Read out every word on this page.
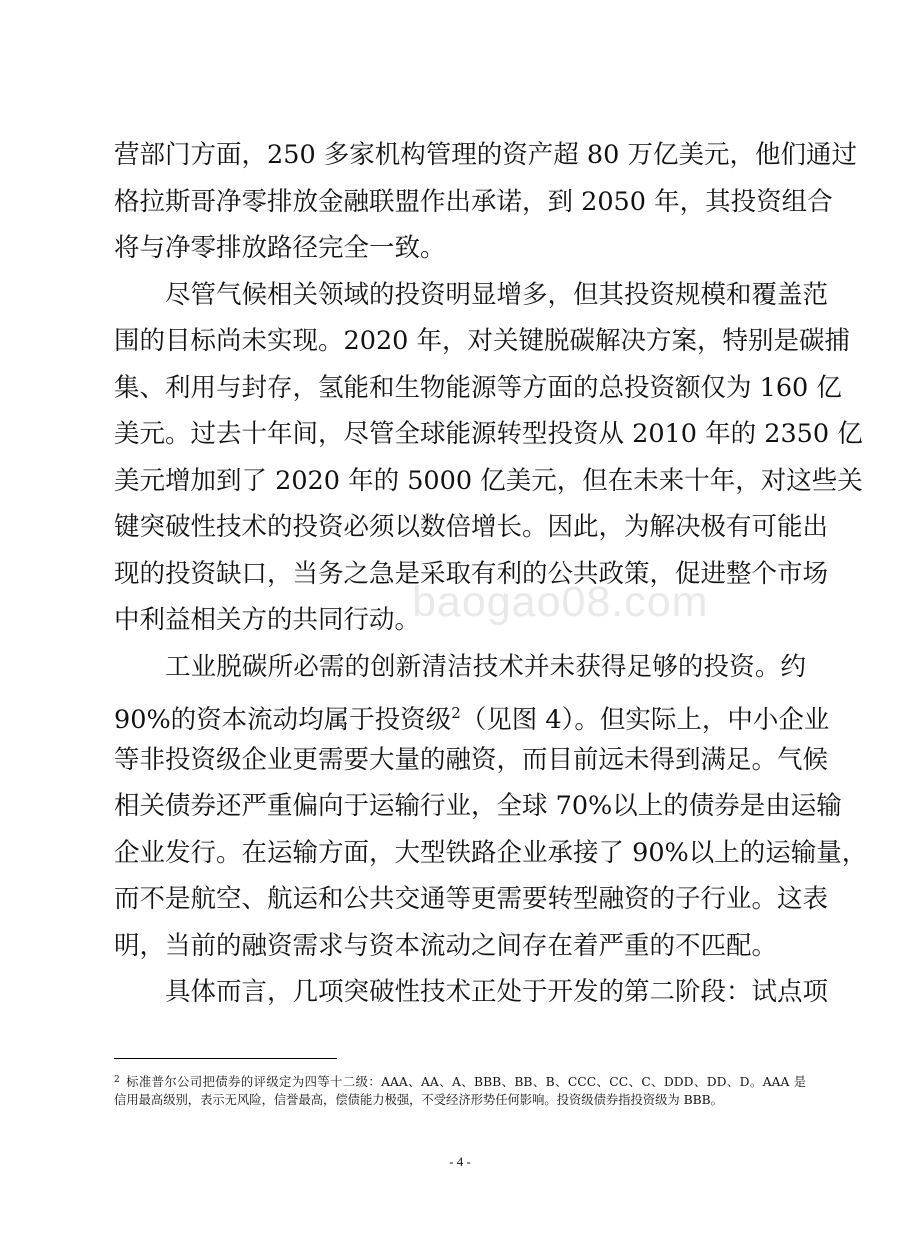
baogao08.com
营部门方面，250 多家机构管理的资产超 80 万亿美元，他们通过
格拉斯哥净零排放金融联盟作出承诺，到 2050 年，其投资组合
将与净零排放路径完全一致。
尽管气候相关领域的投资明显增多，但其投资规模和覆盖范
围的目标尚未实现。2020 年，对关键脱碳解决方案，特别是碳捕
集、利用与封存，氢能和生物能源等方面的总投资额仅为 160 亿
美元。过去十年间，尽管全球能源转型投资从 2010 年的 2350 亿
美元增加到了 2020 年的 5000 亿美元，但在未来十年，对这些关
键突破性技术的投资必须以数倍增长。因此，为解决极有可能出
现的投资缺口，当务之急是采取有利的公共政策，促进整个市场
中利益相关方的共同行动。
工业脱碳所必需的创新清洁技术并未获得足够的投资。约
90%的资本流动均属于投资级$^2$（见图 4）。但实际上，中小企业
等非投资级企业更需要大量的融资，而目前远未得到满足。气候
相关债券还严重偏向于运输行业，全球 70%以上的债券是由运输
企业发行。在运输方面，大型铁路企业承接了 90%以上的运输量，
而不是航空、航运和公共交通等更需要转型融资的子行业。这表
明，当前的融资需求与资本流动之间存在着严重的不匹配。
具体而言，几项突破性技术正处于开发的第二阶段：试点项
$^2$ 标准普尔公司把债券的评级定为四等十二级：AAA、AA、A、BBB、BB、B、CCC、CC、C、DDD、DD、D。AAA 是
信用最高级别，表示无风险，信誉最高，偿债能力极强，不受经济形势任何影响。投资级债券指投资级为 BBB。
- 4 -
